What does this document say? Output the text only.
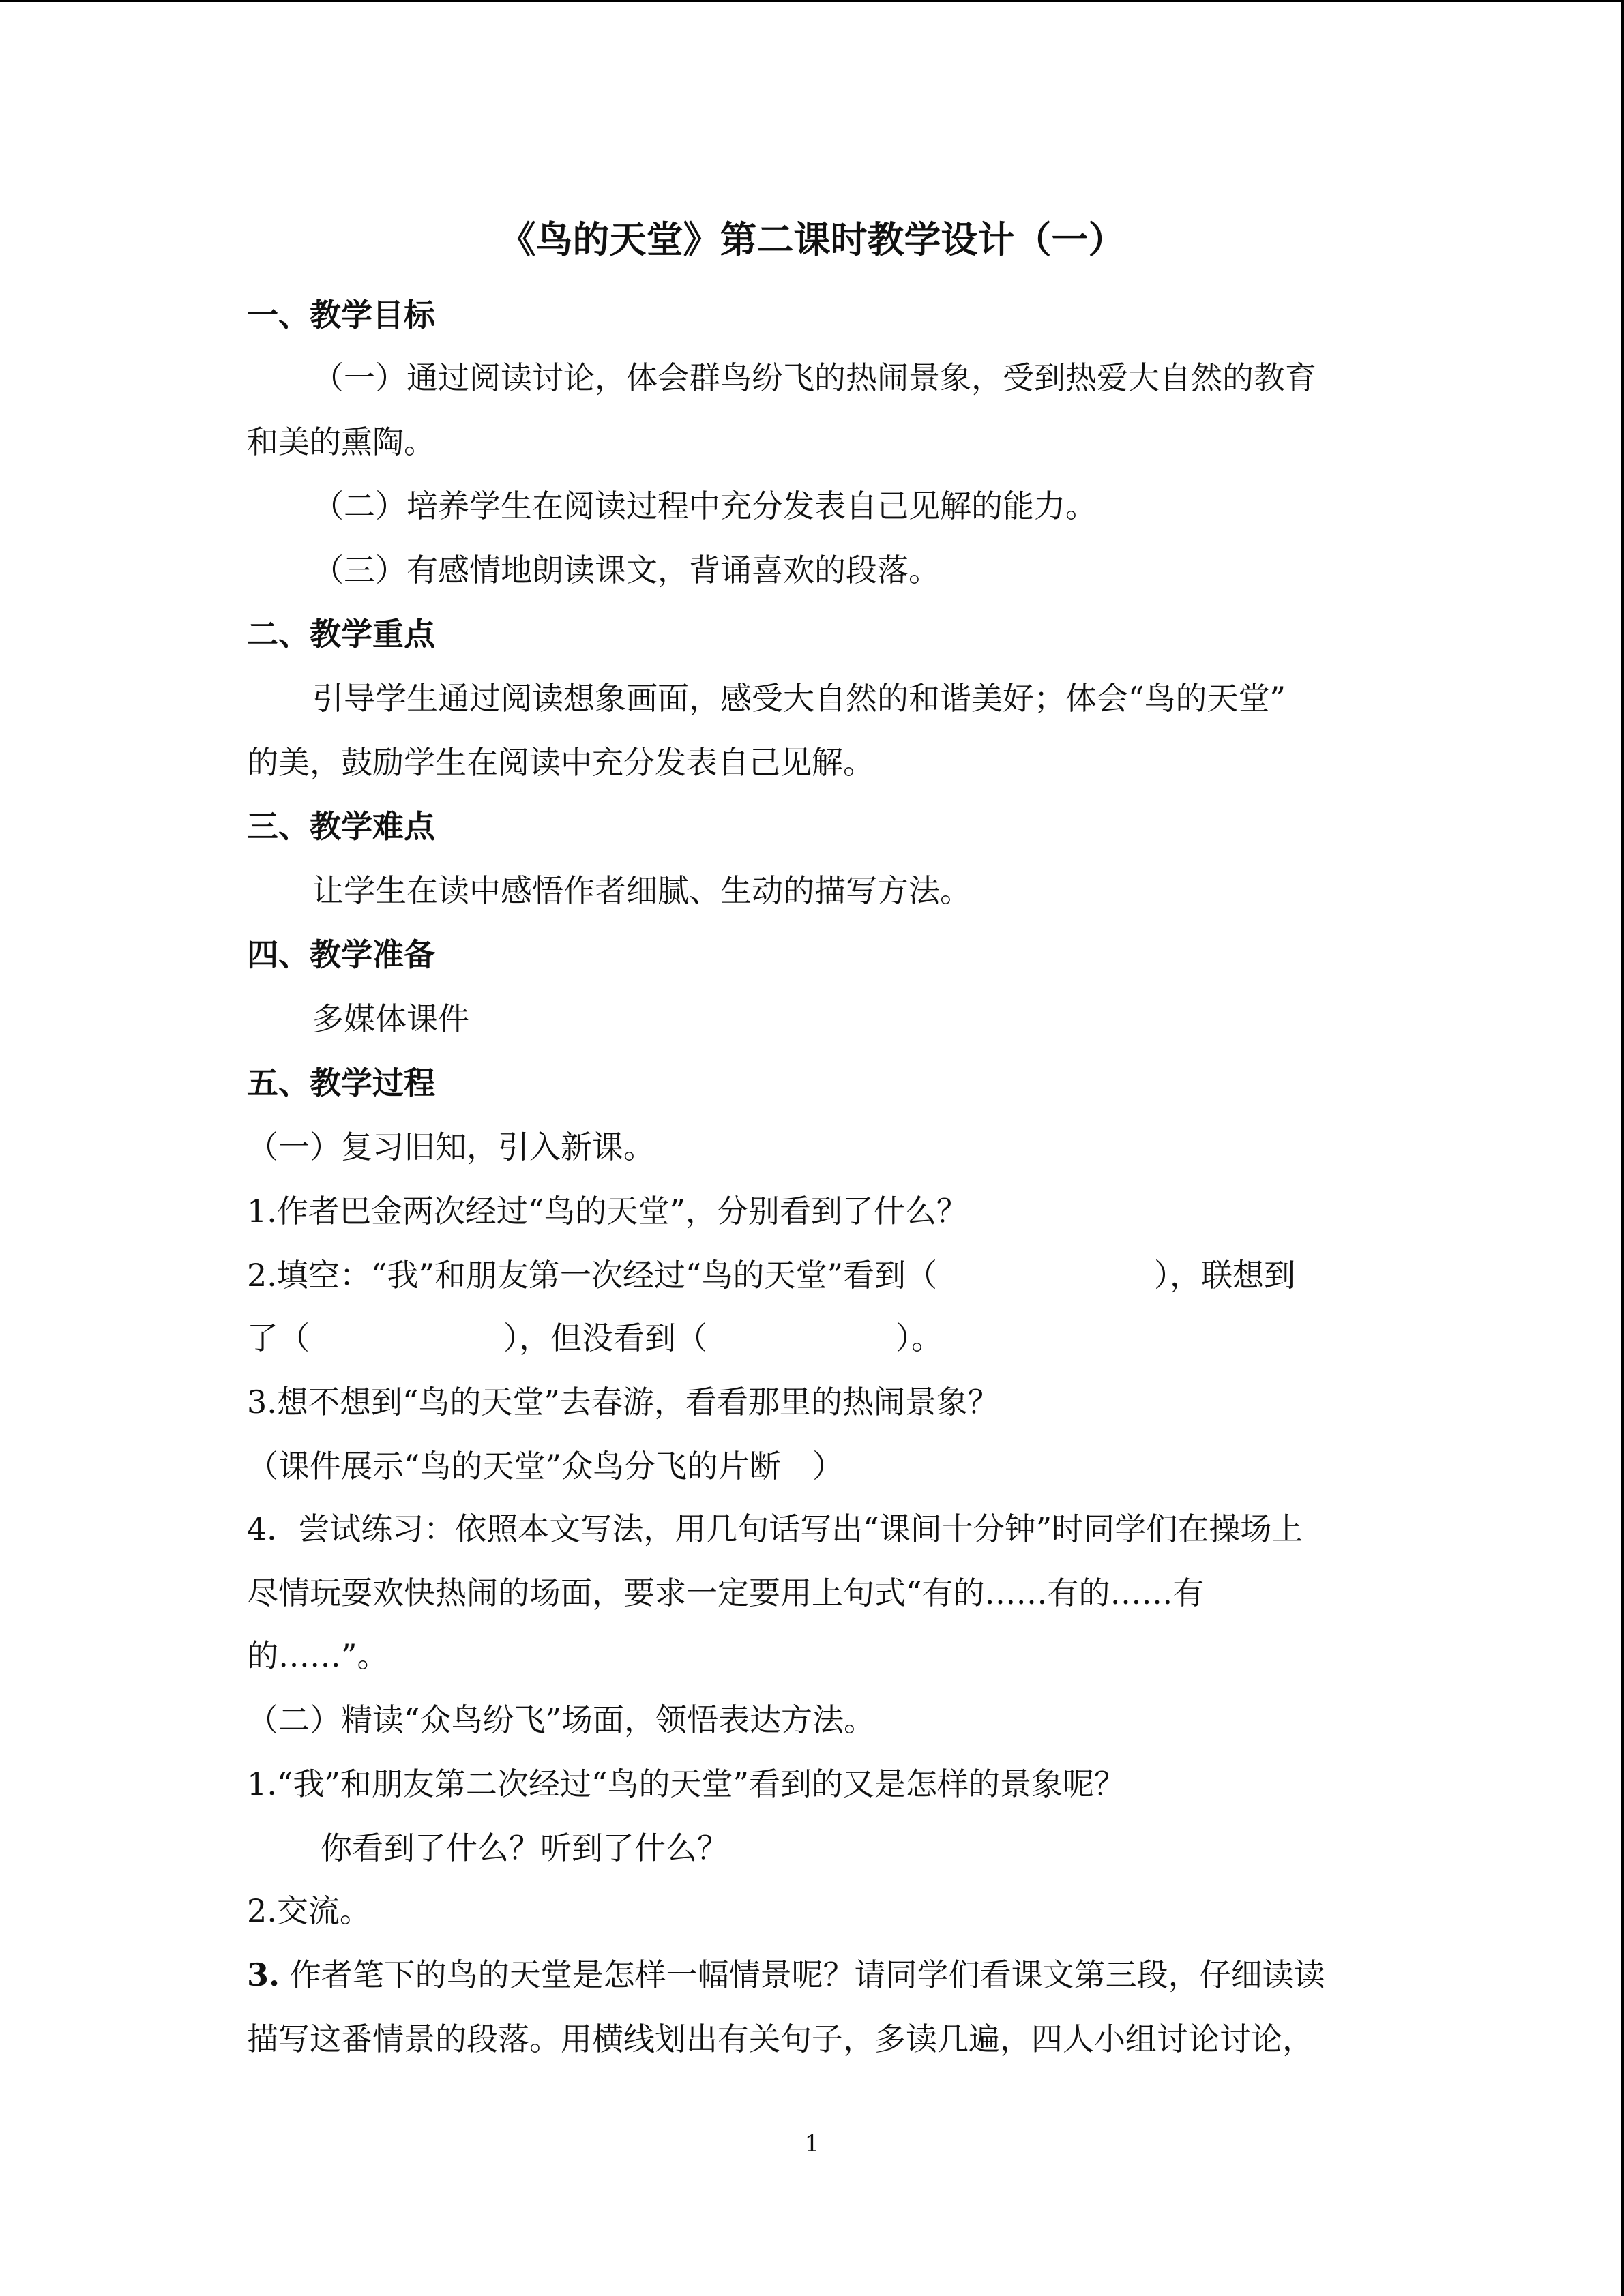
《鸟的天堂》第二课时教学设计（一）
一、教学目标
（一）通过阅读讨论，体会群鸟纷飞的热闹景象，受到热爱大自然的教育
和美的熏陶。
（二）培养学生在阅读过程中充分发表自己见解的能力。
（三）有感情地朗读课文，背诵喜欢的段落。
二、教学重点
引导学生通过阅读想象画面，感受大自然的和谐美好；体会“鸟的天堂”
的美，鼓励学生在阅读中充分发表自己见解。
三、教学难点
让学生在读中感悟作者细腻、生动的描写方法。
四、教学准备
多媒体课件
五、教学过程
（一）复习旧知，引入新课。
1.作者巴金两次经过“鸟的天堂”，分别看到了什么？
2.填空：“我”和朋友第一次经过“鸟的天堂”看到（	），联想到
了（	），但没看到（	）。
3.想不想到“鸟的天堂”去春游，看看那里的热闹景象？
（课件展示“鸟的天堂”众鸟分飞的片断　）
4．尝试练习：依照本文写法，用几句话写出“课间十分钟”时同学们在操场上
尽情玩耍欢快热闹的场面，要求一定要用上句式“有的……有的……有
的……”。
（二）精读“众鸟纷飞”场面，领悟表达方法。
1.“我”和朋友第二次经过“鸟的天堂”看到的又是怎样的景象呢？
你看到了什么？听到了什么？
2.交流。
3. 作者笔下的鸟的天堂是怎样一幅情景呢？请同学们看课文第三段，仔细读读
描写这番情景的段落。用横线划出有关句子，多读几遍，四人小组讨论讨论，
1
